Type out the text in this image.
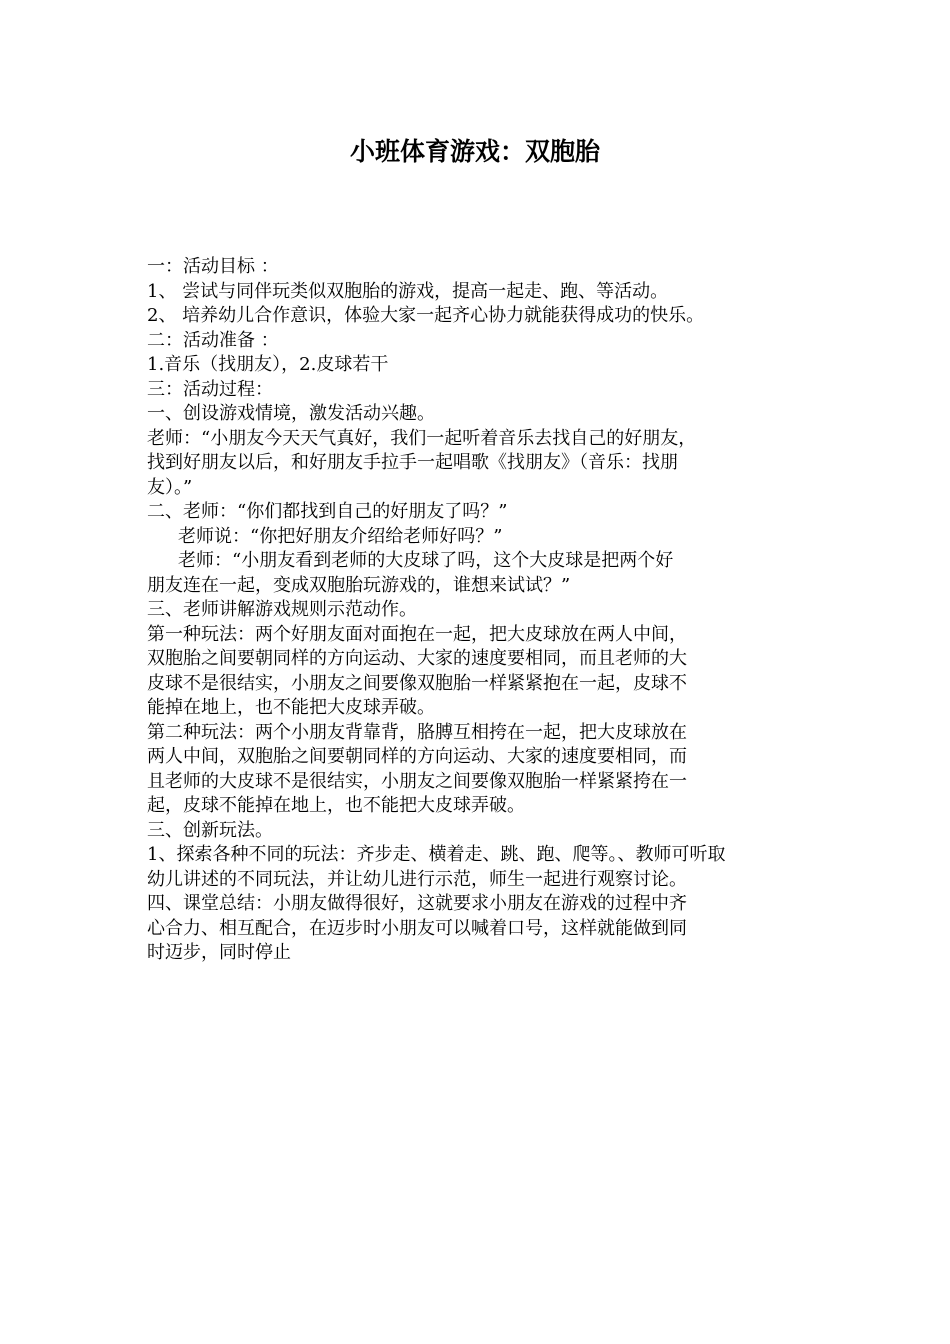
小班体育游戏：双胞胎
一：活动目标 ：
1、 尝试与同伴玩类似双胞胎的游戏，提高一起走、跑、等活动。
2、 培养幼儿合作意识，体验大家一起齐心协力就能获得成功的快乐。
二：活动准备 ：
1.音乐（找朋友），2.皮球若干
三：活动过程：
一、创设游戏情境，激发活动兴趣。
老师：“小朋友今天天气真好，我们一起听着音乐去找自己的好朋友，
找到好朋友以后，和好朋友手拉手一起唱歌《找朋友》（音乐：找朋
友）。”
二、老师：“你们都找到自己的好朋友了吗？”
老师说：“你把好朋友介绍给老师好吗？”
老师：“小朋友看到老师的大皮球了吗，这个大皮球是把两个好
朋友连在一起，变成双胞胎玩游戏的，谁想来试试？”
三、老师讲解游戏规则示范动作。
第一种玩法：两个好朋友面对面抱在一起，把大皮球放在两人中间，
双胞胎之间要朝同样的方向运动、大家的速度要相同，而且老师的大
皮球不是很结实，小朋友之间要像双胞胎一样紧紧抱在一起，皮球不
能掉在地上，也不能把大皮球弄破。
第二种玩法：两个小朋友背靠背，胳膊互相挎在一起，把大皮球放在
两人中间，双胞胎之间要朝同样的方向运动、大家的速度要相同，而
且老师的大皮球不是很结实，小朋友之间要像双胞胎一样紧紧挎在一
起，皮球不能掉在地上，也不能把大皮球弄破。
三、创新玩法。
1、探索各种不同的玩法：齐步走、横着走、跳、跑、爬等。、教师可听取
幼儿讲述的不同玩法，并让幼儿进行示范，师生一起进行观察讨论。
四、课堂总结：小朋友做得很好，这就要求小朋友在游戏的过程中齐
心合力、相互配合，在迈步时小朋友可以喊着口号，这样就能做到同
时迈步，同时停止
